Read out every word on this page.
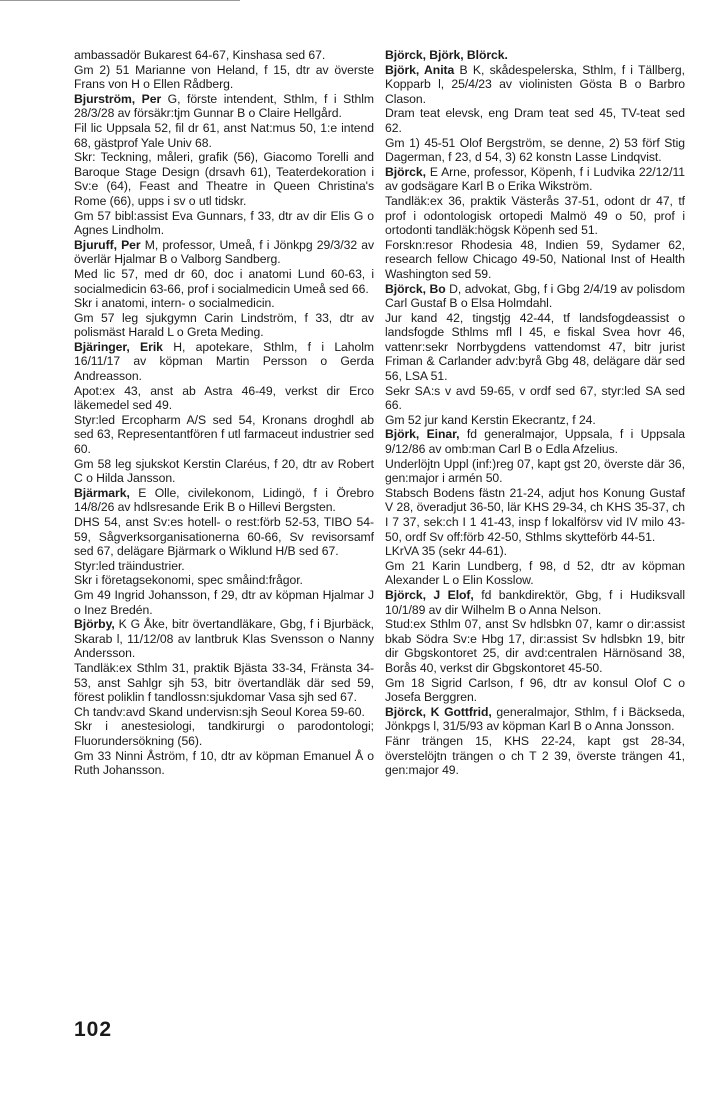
ambassadör Bukarest 64-67, Kinshasa sed 67.

Gm 2) 51 Marianne von Heland, f 15, dtr av överste Frans von H o Ellen Rådberg.

Bjurström, Per G, förste intendent, Sthlm, f i Sthlm 28/3/28 av försäkr:tjm Gunnar B o Claire Hellgård.

Fil lic Uppsala 52, fil dr 61, anst Nat:mus 50, 1:e intend 68, gästprof Yale Univ 68.

Skr: Teckning, måleri, grafik (56), Giacomo Torelli and Baroque Stage Design (drsavh 61), Teaterdekoration i Sv:e (64), Feast and Theatre in Queen Christina's Rome (66), upps i sv o utl tidskr.

Gm 57 bibl:assist Eva Gunnars, f 33, dtr av dir Elis G o Agnes Lindholm.

Bjuruff, Per M, professor, Umeå, f i Jönkpg 29/3/32 av överlär Hjalmar B o Valborg Sandberg.

Med lic 57, med dr 60, doc i anatomi Lund 60-63, i socialmedicin 63-66, prof i socialmedicin Umeå sed 66.

Skr i anatomi, intern- o socialmedicin.

Gm 57 leg sjukgymn Carin Lindström, f 33, dtr av polismäst Harald L o Greta Meding.

Bjäringer, Erik H, apotekare, Sthlm, f i Laholm 16/11/17 av köpman Martin Persson o Gerda Andreasson.

Apot:ex 43, anst ab Astra 46-49, verkst dir Erco läkemedel sed 49.

Styr:led Ercopharm A/S sed 54, Kronans droghdl ab sed 63, Representantfören f utl farmaceut industrier sed 60.

Gm 58 leg sjukskot Kerstin Claréus, f 20, dtr av Robert C o Hilda Jansson.

Bjärmark, E Olle, civilekonom, Lidingö, f i Örebro 14/8/26 av hdlsresande Erik B o Hillevi Bergsten.

DHS 54, anst Sv:es hotell- o rest:förb 52-53, TIBO 54-59, Sågverksorganisationerna 60-66, Sv revisorsamf sed 67, delägare Bjärmark o Wiklund H/B sed 67.

Styr:led träindustrier.

Skr i företagsekonomi, spec småind:frågor.

Gm 49 Ingrid Johansson, f 29, dtr av köpman Hjalmar J o Inez Bredén.

Björby, K G Åke, bitr övertandläkare, Gbg, f i Bjurbäck, Skarab l, 11/12/08 av lantbruk Klas Svensson o Nanny Andersson.

Tandläk:ex Sthlm 31, praktik Bjästa 33-34, Fränsta 34-53, anst Sahlgr sjh 53, bitr övertandläk där sed 59, förest poliklin f tandlossn:sjukdomar Vasa sjh sed 67.

Ch tandv:avd Skand undervisn:sjh Seoul Korea 59-60.

Skr i anestesiologi, tandkirurgi o parodontologi; Fluorundersökning (56).

Gm 33 Ninni Åström, f 10, dtr av köpman Emanuel Å o Ruth Johansson.

Björck, Björk, Blörck.

Björk, Anita B K, skådespelerska, Sthlm, f i Tällberg, Kopparb l, 25/4/23 av violinisten Gösta B o Barbro Clason.

Dram teat elevsk, eng Dram teat sed 45, TV-teat sed 62.

Gm 1) 45-51 Olof Bergström, se denne, 2) 53 förf Stig Dagerman, f 23, d 54, 3) 62 konstn Lasse Lindqvist.

Björck, E Arne, professor, Köpenh, f i Ludvika 22/12/11 av godsägare Karl B o Erika Wikström.

Tandläk:ex 36, praktik Västerås 37-51, odont dr 47, tf prof i odontologisk ortopedi Malmö 49 o 50, prof i ortodonti tandläk:högsk Köpenh sed 51.

Forskn:resor Rhodesia 48, Indien 59, Sydamer 62, research fellow Chicago 49-50, National Inst of Health Washington sed 59.

Björck, Bo D, advokat, Gbg, f i Gbg 2/4/19 av polisdom Carl Gustaf B o Elsa Holmdahl.

Jur kand 42, tingstjg 42-44, tf landsfogdeassist o landsfogde Sthlms mfl l 45, e fiskal Svea hovr 46, vattenr:sekr Norrbygdens vattendomst 47, bitr jurist Friman & Carlander adv:byrå Gbg 48, delägare där sed 56, LSA 51.

Sekr SA:s v avd 59-65, v ordf sed 67, styr:led SA sed 66.

Gm 52 jur kand Kerstin Ekecrantz, f 24.

Björk, Einar, fd generalmajor, Uppsala, f i Uppsala 9/12/86 av omb:man Carl B o Edla Afzelius.

Underlöjtn Uppl (inf:)reg 07, kapt gst 20, överste där 36, gen:major i armén 50.

Stabsch Bodens fästn 21-24, adjut hos Konung Gustaf V 28, överadjut 36-50, lär KHS 29-34, ch KHS 35-37, ch I 7 37, sek:ch I 1 41-43, insp f lokalförsv vid IV milo 43-50, ordf Sv off:förb 42-50, Sthlms skytteförb 44-51.

LKrVA 35 (sekr 44-61).

Gm 21 Karin Lundberg, f 98, d 52, dtr av köpman Alexander L o Elin Kosslow.

Björck, J Elof, fd bankdirektör, Gbg, f i Hudiksvall 10/1/89 av dir Wilhelm B o Anna Nelson.

Stud:ex Sthlm 07, anst Sv hdlsbkn 07, kamr o dir:assist bkab Södra Sv:e Hbg 17, dir:assist Sv hdlsbkn 19, bitr dir Gbgskontoret 25, dir avd:centralen Härnösand 38, Borås 40, verkst dir Gbgskontoret 45-50.

Gm 18 Sigrid Carlson, f 96, dtr av konsul Olof C o Josefa Berggren.

Björck, K Gottfrid, generalmajor, Sthlm, f i Bäckseda, Jönkpgs l, 31/5/93 av köpman Karl B o Anna Jonsson.

Fänr trängen 15, KHS 22-24, kapt gst 28-34, överstelöjtn trängen o ch T 2 39, överste trängen 41, gen:major 49.

102
